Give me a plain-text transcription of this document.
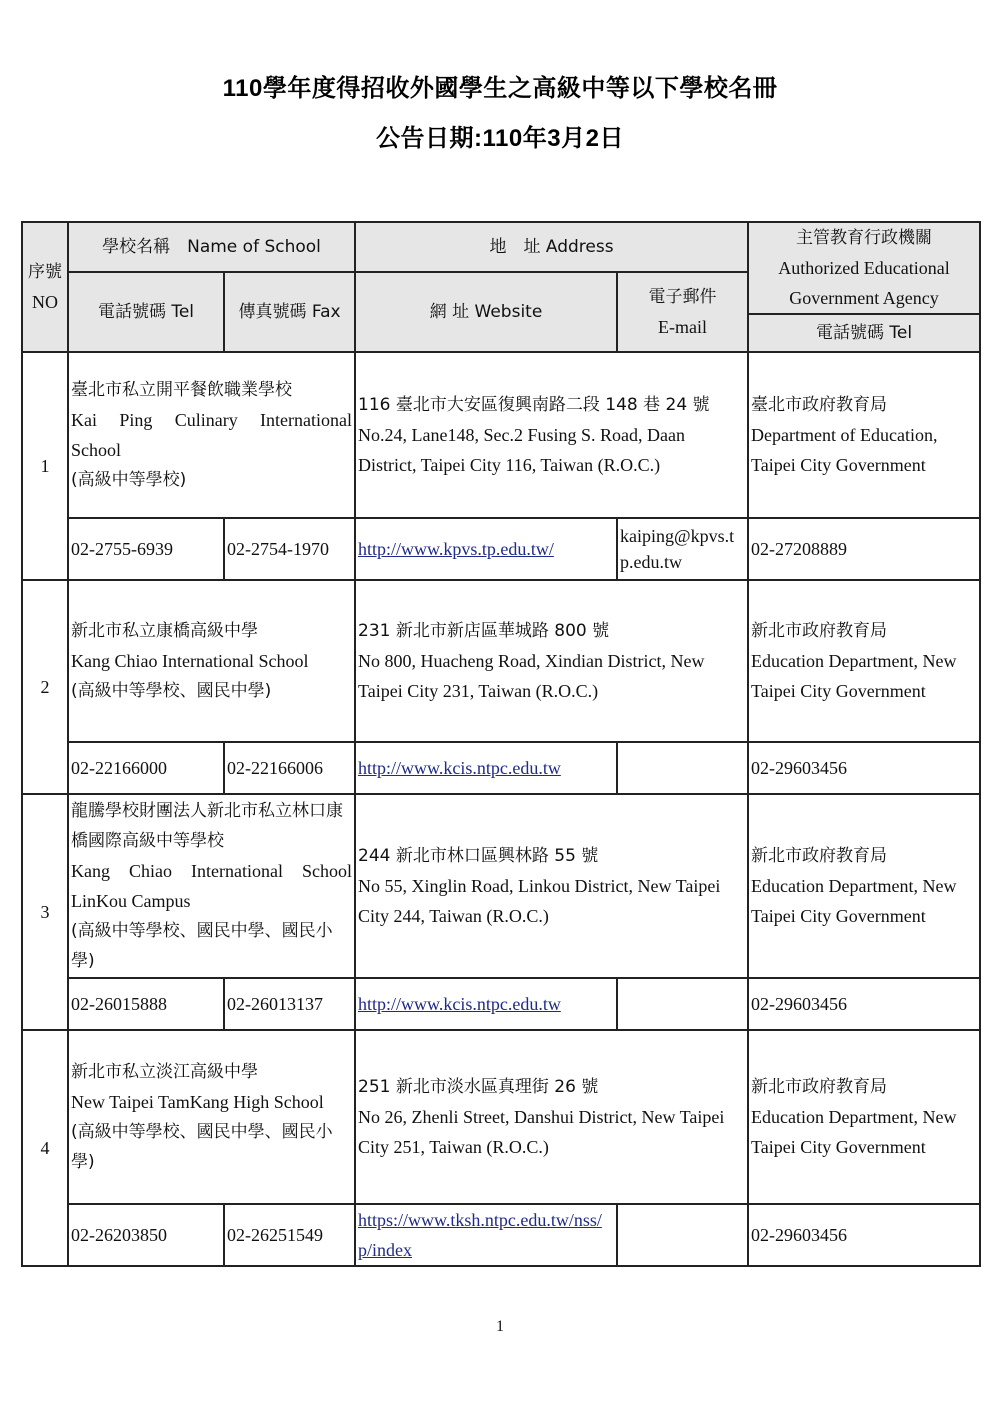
110學年度得招收外國學生之高級中等以下學校名冊
公告日期:110年3月2日
序號
NO	學校名稱　Name of School		地　址 Address		主管教育行政機關
Authorized Educational
Government Agency

	電話號碼 Tel	傳真號碼 Fax	網 址 Website	電子郵件
E-mail	

					電話號碼 Tel
1	臺北市私立開平餐飲職業學校
Kai Ping Culinary International School
(高級中等學校)		116 臺北市大安區復興南路二段 148 巷 24 號
No.24, Lane148, Sec.2 Fusing S. Road, Daan District, Taipei City 116, Taiwan (R.O.C.)		臺北市政府教育局
Department of Education, Taipei City Government

	02-2755-6939	02-2754-1970	http://www.kpvs.tp.edu.tw/	kaiping@kpvs.tp.edu.tw	02-27208889
2	新北市私立康橋高級中學
Kang Chiao International School
(高級中等學校、國民中學)		231 新北市新店區華城路 800 號
No 800, Huacheng Road, Xindian District, New Taipei City 231, Taiwan (R.O.C.)		新北市政府教育局
Education Department, New Taipei City Government

	02-22166000	02-22166006	http://www.kcis.ntpc.edu.tw		02-29603456
3	龍騰學校財團法人新北市私立林口康橋國際高級中等學校
Kang Chiao International School LinKou Campus
(高級中等學校、國民中學、國民小學)		244 新北市林口區興林路 55 號
No 55, Xinglin Road, Linkou District, New Taipei City 244, Taiwan (R.O.C.)		新北市政府教育局
Education Department, New Taipei City Government

	02-26015888	02-26013137	http://www.kcis.ntpc.edu.tw		02-29603456
4	新北市私立淡江高級中學
New Taipei TamKang High School
(高級中等學校、國民中學、國民小學)		251 新北市淡水區真理街 26 號
No 26, Zhenli Street, Danshui District, New Taipei City 251, Taiwan (R.O.C.)		新北市政府教育局
Education Department, New Taipei City Government

	02-26203850	02-26251549	https://www.tksh.ntpc.edu.tw/nss/p/index		02-29603456
1
